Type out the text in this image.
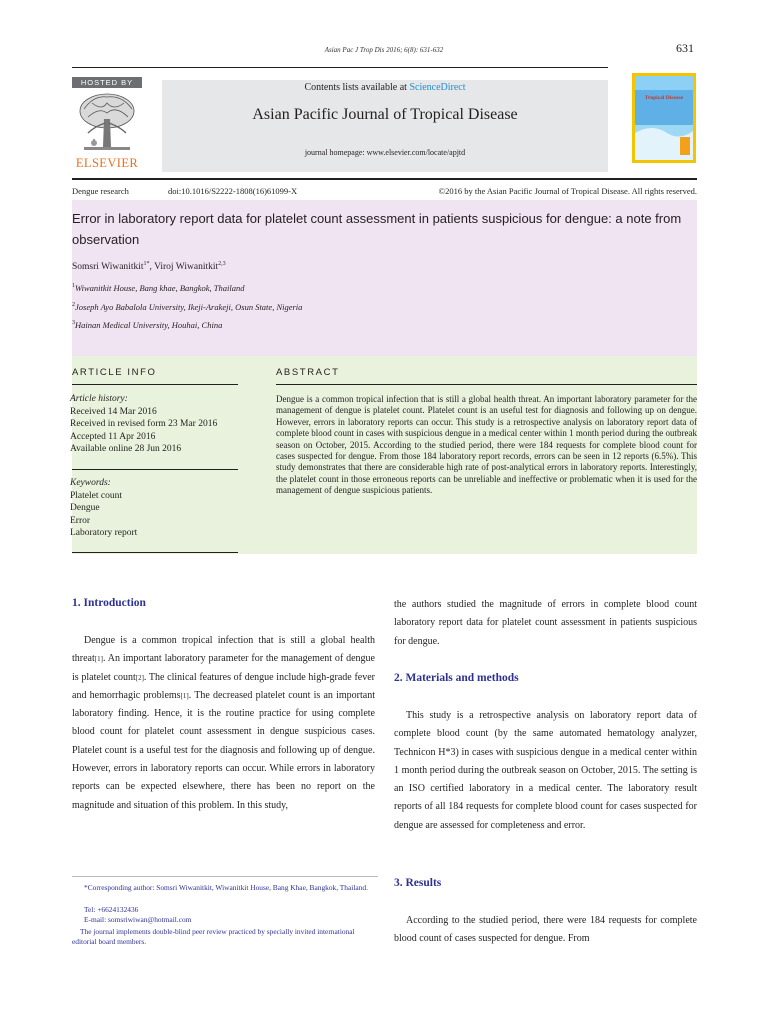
Asian Pac J Trop Dis 2016; 6(8): 631-632	631
HOSTED BY
ELSEVIER
Contents lists available at ScienceDirect
Asian Pacific Journal of Tropical Disease
journal homepage: www.elsevier.com/locate/apjtd
Tropical Disease
Dengue research	doi:10.1016/S2222-1808(16)61099-X	©2016 by the Asian Pacific Journal of Tropical Disease. All rights reserved.
Error in laboratory report data for platelet count assessment in patients suspicious for dengue: a note from observation
Somsri Wiwanitkit$^{1*}$, Viroj Wiwanitkit$^{2,3}$
$^1$Wiwanitkit House, Bang khae, Bangkok, Thailand
$^2$Joseph Ayo Babalola University, Ikeji-Arakeji, Osun State, Nigeria
$^3$Hainan Medical University, Houhai, China
ARTICLE INFO
Article history:
Received 14 Mar 2016
Received in revised form 23 Mar 2016
Accepted 11 Apr 2016
Available online 28 Jun 2016
Keywords:
Platelet count
Dengue
Error
Laboratory report
ABSTRACT
Dengue is a common tropical infection that is still a global health threat. An important laboratory parameter for the management of dengue is platelet count. Platelet count is an useful test for diagnosis and following up on dengue. However, errors in laboratory reports can occur. This study is a retrospective analysis on laboratory report data of complete blood count in cases with suspicious dengue in a medical center within 1 month period during the outbreak season on October, 2015. According to the studied period, there were 184 requests for complete blood count for cases suspected for dengue. From those 184 laboratory report records, errors can be seen in 12 reports (6.5%). This study demonstrates that there are considerable high rate of post-analytical errors in laboratory reports. Interestingly, the platelet count in those erroneous reports can be unreliable and ineffective or problematic when it is used for the management of dengue suspicious patients.
1. Introduction
Dengue is a common tropical infection that is still a global health threat[1]. An important laboratory parameter for the management of dengue is platelet count[2]. The clinical features of dengue include high-grade fever and hemorrhagic problems[1]. The decreased platelet count is an important laboratory finding. Hence, it is the routine practice for using complete blood count for platelet count assessment in dengue suspicious cases. Platelet count is a useful test for the diagnosis and following up of dengue. However, errors in laboratory reports can occur. While errors in laboratory reports can be expected elsewhere, there has been no report on the magnitude and situation of this problem. In this study,
*Corresponding author: Somsri Wiwanitkit, Wiwanitkit House, Bang Khae, Bangkok, Thailand.
Tel: +6624132436
E-mail: somsriwiwan@hotmail.com
The journal implements double-blind peer review practiced by specially invited international editorial board members.
the authors studied the magnitude of errors in complete blood count laboratory report data for platelet count assessment in patients suspicious for dengue.
2. Materials and methods
This study is a retrospective analysis on laboratory report data of complete blood count (by the same automated hematology analyzer, Technicon H*3) in cases with suspicious dengue in a medical center within 1 month period during the outbreak season on October, 2015. The setting is an ISO certified laboratory in a medical center. The laboratory result reports of all 184 requests for complete blood count for cases suspected for dengue are assessed for completeness and error.
3. Results
According to the studied period, there were 184 requests for complete blood count of cases suspected for dengue. From
